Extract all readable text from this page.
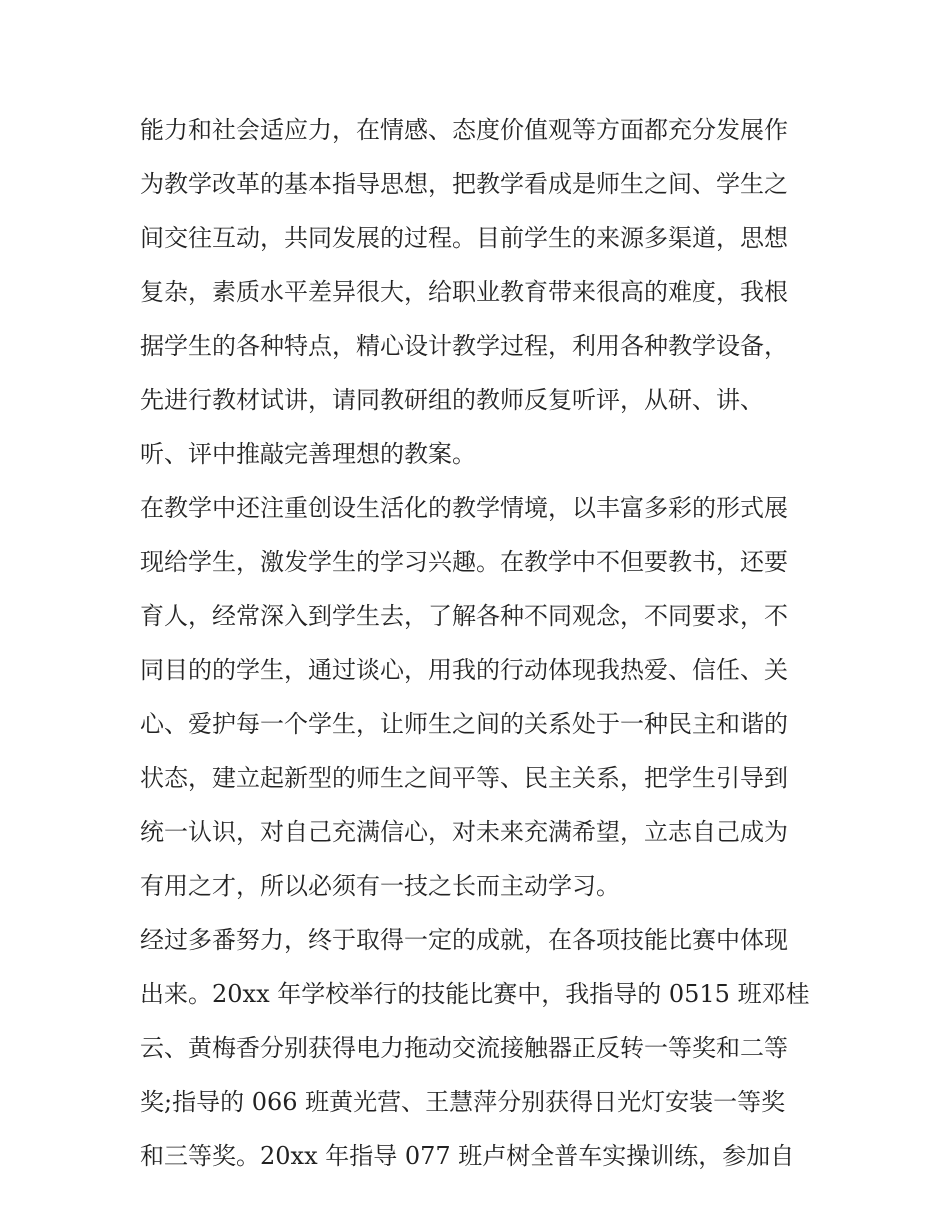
能力和社会适应力，在情感、态度价值观等方面都充分发展作
为教学改革的基本指导思想，把教学看成是师生之间、学生之
间交往互动，共同发展的过程。目前学生的来源多渠道，思想
复杂，素质水平差异很大，给职业教育带来很高的难度，我根
据学生的各种特点，精心设计教学过程，利用各种教学设备，
先进行教材试讲，请同教研组的教师反复听评，从研、讲、
听、评中推敲完善理想的教案。
在教学中还注重创设生活化的教学情境，以丰富多彩的形式展
现给学生，激发学生的学习兴趣。在教学中不但要教书，还要
育人，经常深入到学生去，了解各种不同观念，不同要求，不
同目的的学生，通过谈心，用我的行动体现我热爱、信任、关
心、爱护每一个学生，让师生之间的关系处于一种民主和谐的
状态，建立起新型的师生之间平等、民主关系，把学生引导到
统一认识，对自己充满信心，对未来充满希望，立志自己成为
有用之才，所以必须有一技之长而主动学习。
经过多番努力，终于取得一定的成就，在各项技能比赛中体现
出来。20xx 年学校举行的技能比赛中，我指导的 0515 班邓桂
云、黄梅香分别获得电力拖动交流接触器正反转一等奖和二等
奖;指导的 066 班黄光营、王慧萍分别获得日光灯安装一等奖
和三等奖。20xx 年指导 077 班卢树全普车实操训练，参加自
